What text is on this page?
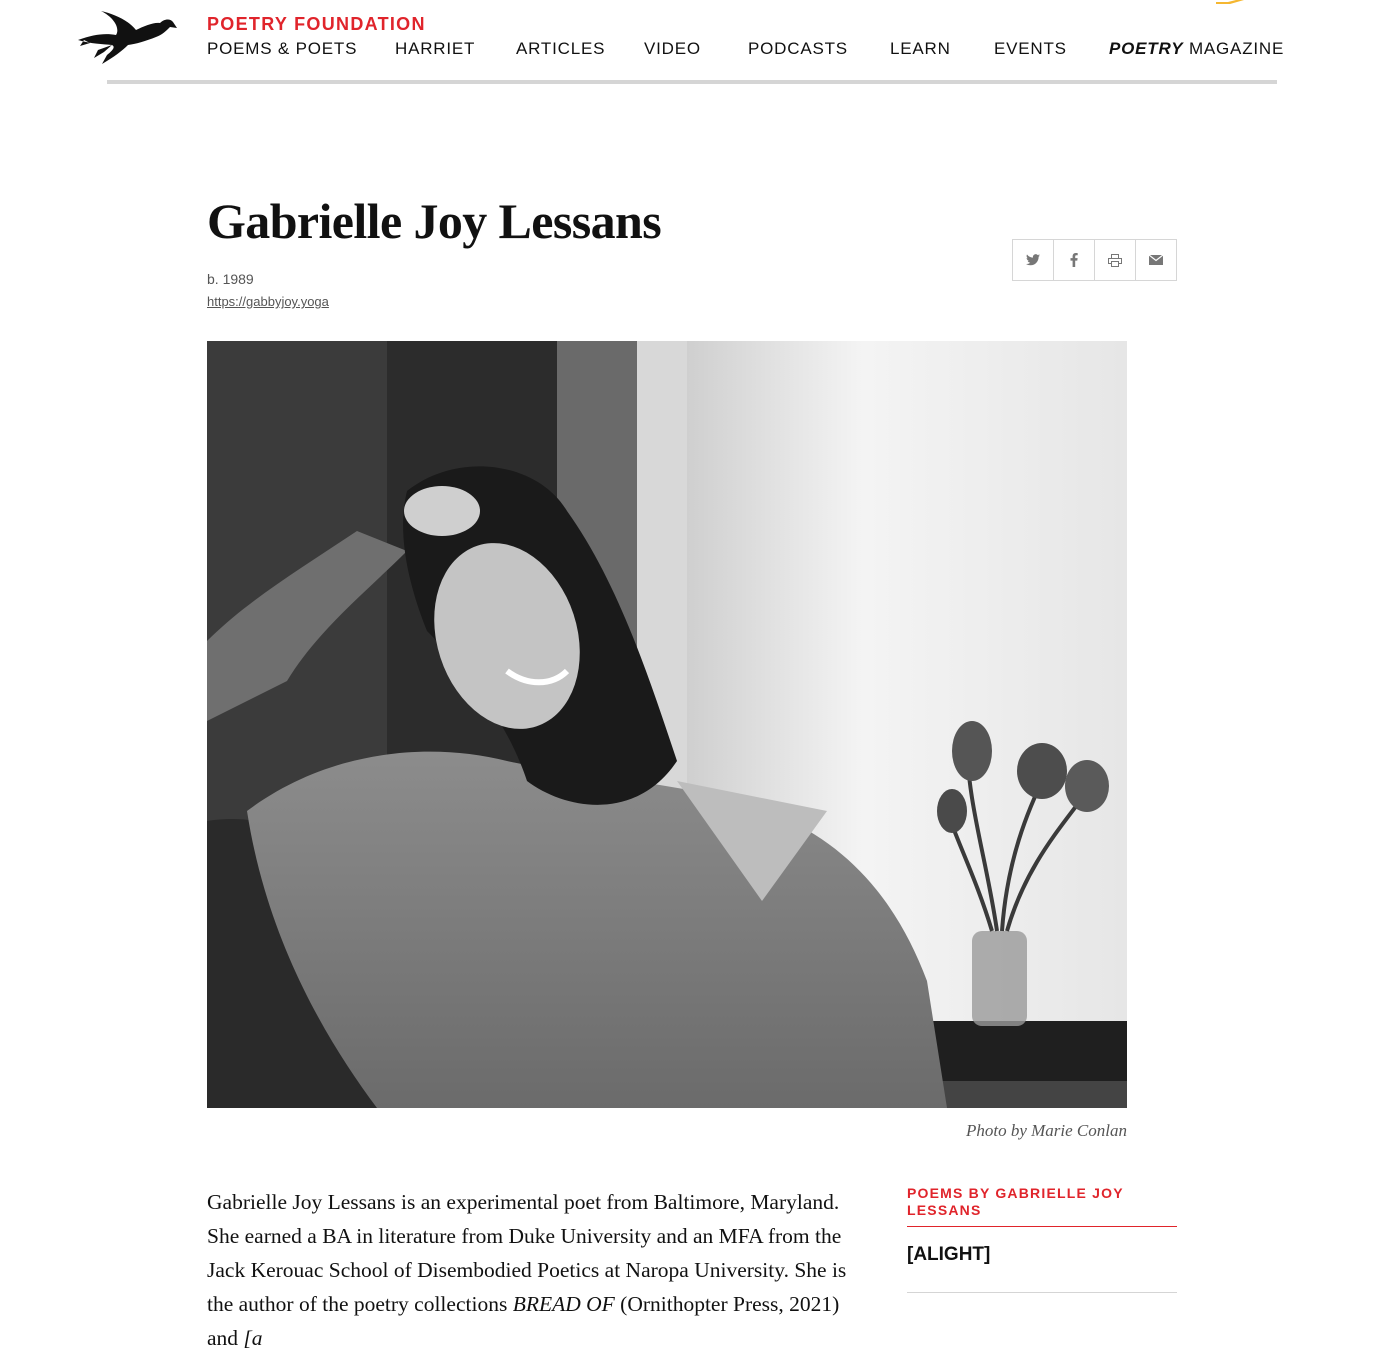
POETRY FOUNDATION
POEMS & POETS HARRIET ARTICLES VIDEO	PODCASTS LEARN	EVENTS POETRY MAGAZINE
Gabrielle Joy Lessans
b. 1989
https://gabbyjoy.yoga
Photo by Marie Conlan

Gabrielle Joy Lessans is an experimental poet from Baltimore, Maryland. She earned a BA in literature from Duke University and an MFA from the Jack Kerouac School of Disembodied Poetics at Naropa University. She is the author of the poetry collections BREAD OF (Ornithopter Press, 2021) and [a

POEMS BY GABRIELLE JOY LESSANS
[ALIGHT]
